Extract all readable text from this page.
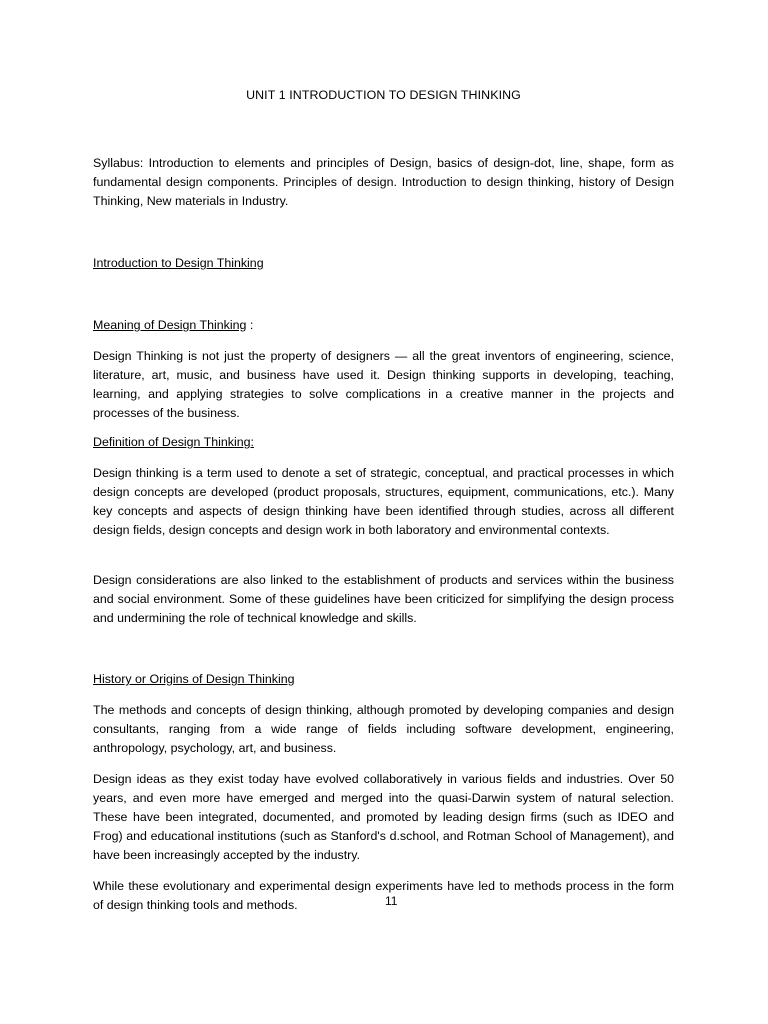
UNIT 1 INTRODUCTION TO DESIGN THINKING

Syllabus: Introduction to elements and principles of Design, basics of design-dot, line, shape, form as fundamental design components. Principles of design. Introduction to design thinking, history of Design Thinking, New materials in Industry.

Introduction to Design Thinking
Meaning of Design Thinking :

Design Thinking is not just the property of designers — all the great inventors of engineering, science, literature, art, music, and business have used it. Design thinking supports in developing, teaching, learning, and applying strategies to solve complications in a creative manner in the projects and processes of the business.

Definition of Design Thinking:

Design thinking is a term used to denote a set of strategic, conceptual, and practical processes in which design concepts are developed (product proposals, structures, equipment, communications, etc.). Many key concepts and aspects of design thinking have been identified through studies, across all different design fields, design concepts and design work in both laboratory and environmental contexts.

Design considerations are also linked to the establishment of products and services within the business and social environment. Some of these guidelines have been criticized for simplifying the design process and undermining the role of technical knowledge and skills.

History or Origins of Design Thinking

The methods and concepts of design thinking, although promoted by developing companies and design consultants, ranging from a wide range of fields including software development, engineering, anthropology, psychology, art, and business.

Design ideas as they exist today have evolved collaboratively in various fields and industries. Over 50 years, and even more have emerged and merged into the quasi-Darwin system of natural selection. These have been integrated, documented, and promoted by leading design firms (such as IDEO and Frog) and educational institutions (such as Stanford's d.school, and Rotman School of Management), and have been increasingly accepted by the industry.

While these evolutionary and experimental design experiments have led to methods process in the form of design thinking tools and methods.	11
